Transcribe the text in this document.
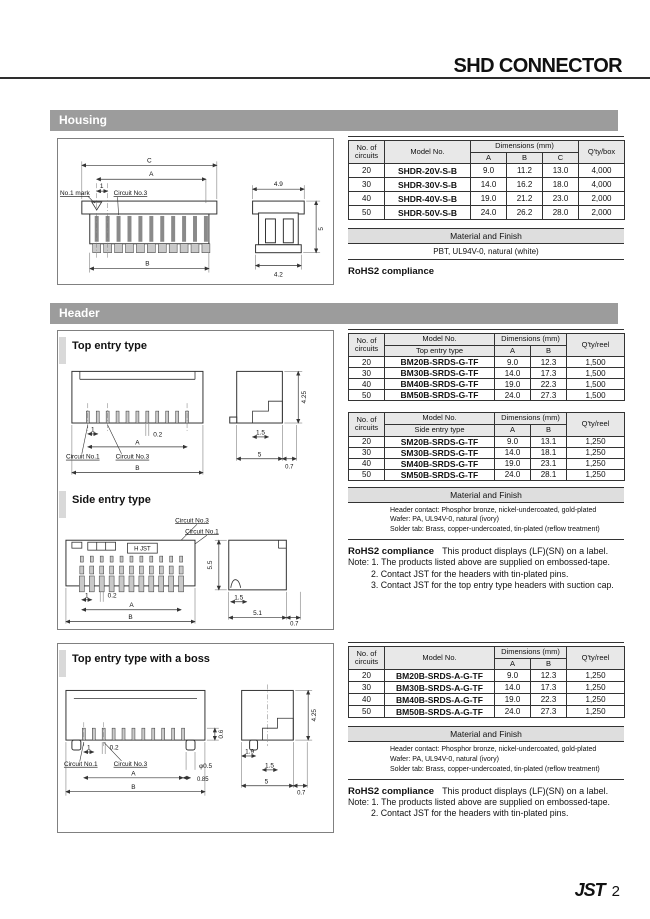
SHD CONNECTOR
Housing
C
A
1
No.1 mark	Circuit No.3
B
4.9
5
4.2
No. of circuits	Model No.	Dimensions (mm)			Q'ty/box
		A	B	C	
20	SHDR-20V-S-B	9.0	11.2	13.0	4,000
30	SHDR-30V-S-B	14.0	16.2	18.0	4,000
40	SHDR-40V-S-B	19.0	21.2	23.0	2,000
50	SHDR-50V-S-B	24.0	26.2	28.0	2,000
Material and Finish
PBT, UL94V-0, natural (white)
RoHS2 compliance
Header
Top entry type
1
0.2
A
Circuit No.1 Circuit No.3
B
4.25
1.5
5
0.7
Side entry type
Circuit No.3
Circuit No.1
H JST
1	0.2
A
B
5.5
1.5
5.1
0.7
No. of circuits	Model No.	Dimensions (mm)		Q'ty/reel
	Top entry type	A	B	
20	BM20B-SRDS-G-TF	9.0	12.3	1,500
30	BM30B-SRDS-G-TF	14.0	17.3	1,500
40	BM40B-SRDS-G-TF	19.0	22.3	1,500
50	BM50B-SRDS-G-TF	24.0	27.3	1,500
No. of circuits	Model No.	Dimensions (mm)		Q'ty/reel
	Side entry type	A	B	
20	SM20B-SRDS-G-TF	9.0	13.1	1,250
30	SM30B-SRDS-G-TF	14.0	18.1	1,250
40	SM40B-SRDS-G-TF	19.0	23.1	1,250
50	SM50B-SRDS-G-TF	24.0	28.1	1,250
Material and Finish
Header contact: Phosphor bronze, nickel-undercoated, gold-plated
Wafer: PA, UL94V-0, natural (ivory)
Solder tab: Brass, copper-undercoated, tin-plated (reflow treatment)
RoHS2 compliance This product displays (LF)(SN) on a label.
Note: 1. The products listed above are supplied on embossed-tape.
2. Contact JST for the headers with tin-plated pins.
3. Contact JST for the top entry type headers with suction cap.
Top entry type with a boss
0.6
1	0.2
Circuit No.1 Circuit No.3	φ0.5
A
0.85
B
4.25
1.9
1.5
5
0.7
No. of circuits	Model No.	Dimensions (mm)		Q'ty/reel
		A	B	
20	BM20B-SRDS-A-G-TF	9.0	12.3	1,250
30	BM30B-SRDS-A-G-TF	14.0	17.3	1,250
40	BM40B-SRDS-A-G-TF	19.0	22.3	1,250
50	BM50B-SRDS-A-G-TF	24.0	27.3	1,250
Material and Finish
Header contact: Phosphor bronze, nickel-undercoated, gold-plated
Wafer: PA, UL94V-0, natural (ivory)
Solder tab: Brass, copper-undercoated, tin-plated (reflow treatment)
RoHS2 compliance This product displays (LF)(SN) on a label.
Note: 1. The products listed above are supplied on embossed-tape.
2. Contact JST for the headers with tin-plated pins.
JST 2
